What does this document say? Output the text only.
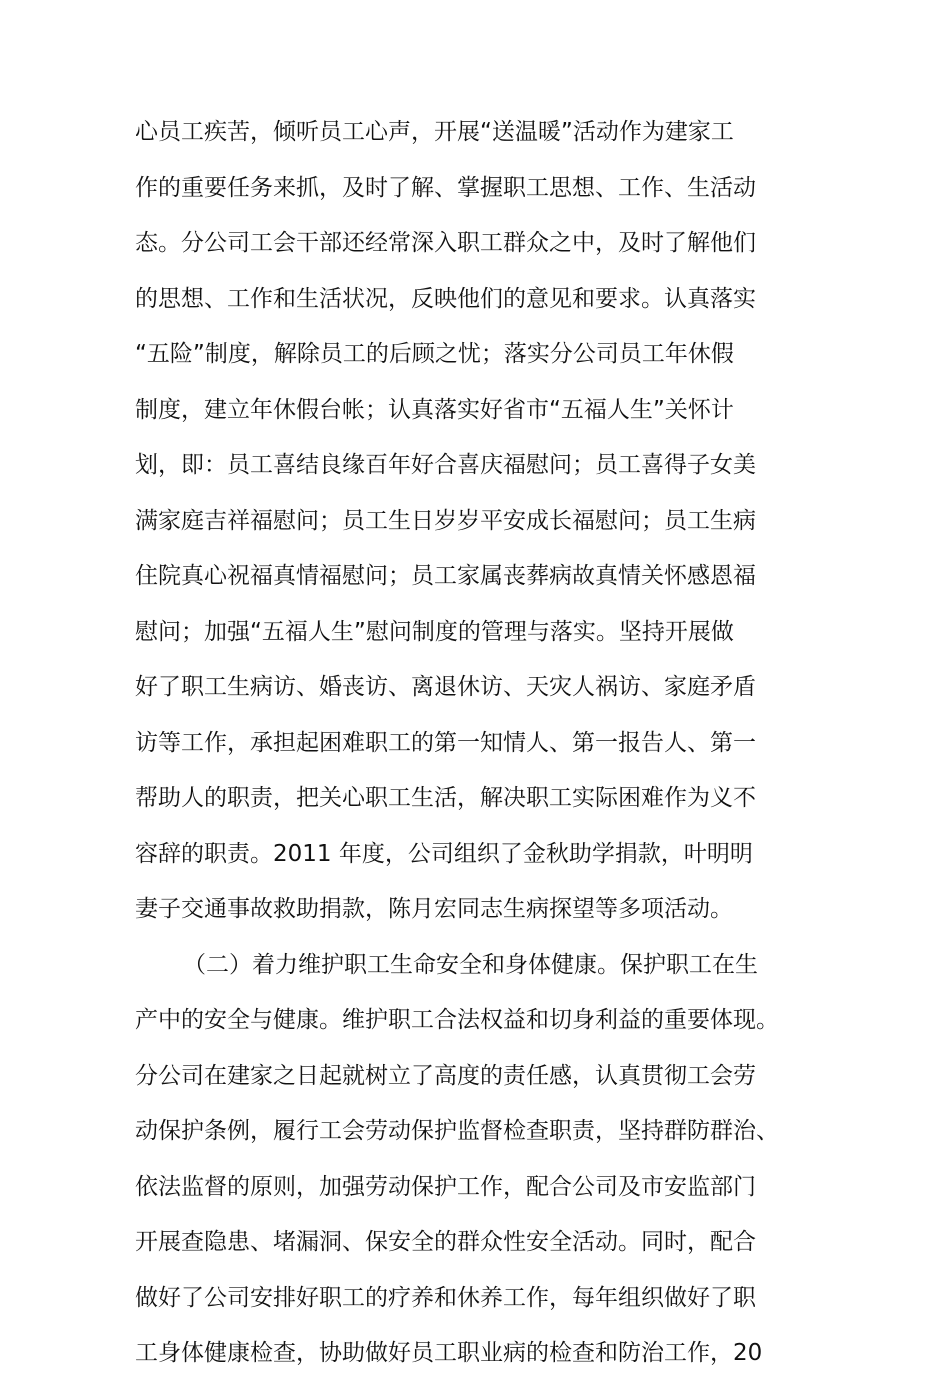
心员工疾苦，倾听员工心声，开展“送温暖”活动作为建家工
作的重要任务来抓，及时了解、掌握职工思想、工作、生活动
态。分公司工会干部还经常深入职工群众之中，及时了解他们
的思想、工作和生活状况，反映他们的意见和要求。认真落实
“五险”制度，解除员工的后顾之忧；落实分公司员工年休假
制度，建立年休假台帐；认真落实好省市“五福人生”关怀计
划，即：员工喜结良缘百年好合喜庆福慰问；员工喜得子女美
满家庭吉祥福慰问；员工生日岁岁平安成长福慰问；员工生病
住院真心祝福真情福慰问；员工家属丧葬病故真情关怀感恩福
慰问；加强“五福人生”慰问制度的管理与落实。坚持开展做
好了职工生病访、婚丧访、离退休访、天灾人祸访、家庭矛盾
访等工作，承担起困难职工的第一知情人、第一报告人、第一
帮助人的职责，把关心职工生活，解决职工实际困难作为义不
容辞的职责。2011 年度，公司组织了金秋助学捐款，叶明明
妻子交通事故救助捐款，陈月宏同志生病探望等多项活动。
（二）着力维护职工生命安全和身体健康。保护职工在生
产中的安全与健康。维护职工合法权益和切身利益的重要体现。
分公司在建家之日起就树立了高度的责任感，认真贯彻工会劳
动保护条例，履行工会劳动保护监督检查职责，坚持群防群治、
依法监督的原则，加强劳动保护工作，配合公司及市安监部门
开展查隐患、堵漏洞、保安全的群众性安全活动。同时，配合
做好了公司安排好职工的疗养和休养工作，每年组织做好了职
工身体健康检查，协助做好员工职业病的检查和防治工作，20
